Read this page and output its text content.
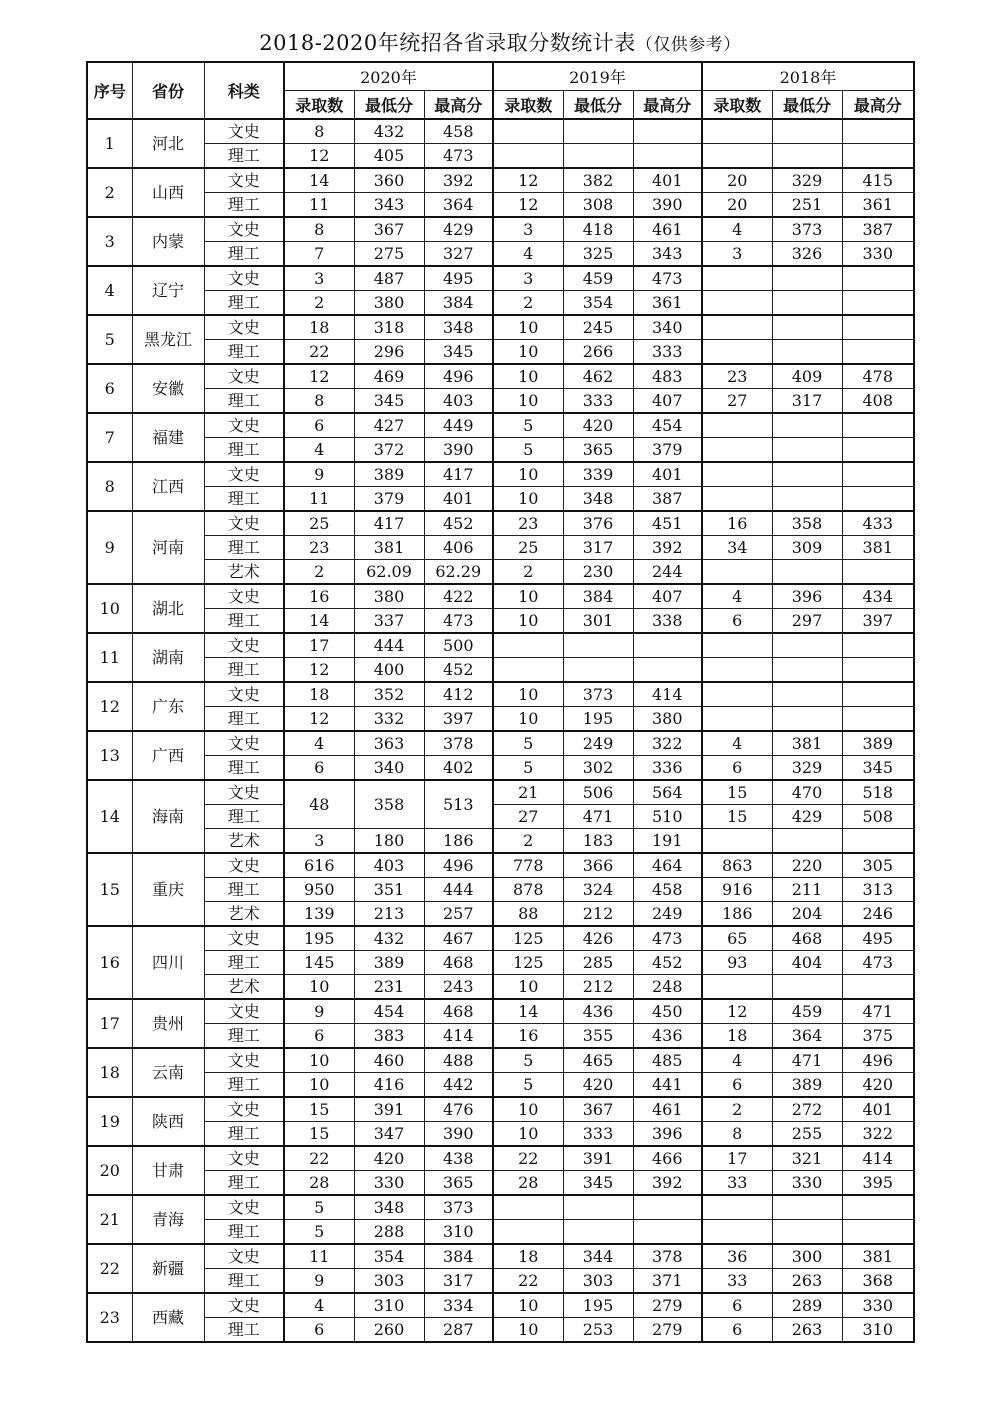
2018-2020年统招各省录取分数统计表（仅供参考）
序号	省份	科类	2020年			2019年			2018年		
			录取数	最低分	最高分	录取数	最低分	最高分	录取数	最低分	最高分
1	河北	文史	8	432	458						
		理工	12	405	473						
2	山西	文史	14	360	392	12	382	401	20	329	415
		理工	11	343	364	12	308	390	20	251	361
3	内蒙	文史	8	367	429	3	418	461	4	373	387
		理工	7	275	327	4	325	343	3	326	330
4	辽宁	文史	3	487	495	3	459	473			
		理工	2	380	384	2	354	361			
5	黑龙江	文史	18	318	348	10	245	340			
		理工	22	296	345	10	266	333			
6	安徽	文史	12	469	496	10	462	483	23	409	478
		理工	8	345	403	10	333	407	27	317	408
7	福建	文史	6	427	449	5	420	454			
		理工	4	372	390	5	365	379			
8	江西	文史	9	389	417	10	339	401			
		理工	11	379	401	10	348	387			
9	河南	文史	25	417	452	23	376	451	16	358	433
		理工	23	381	406	25	317	392	34	309	381
		艺术	2	62.09	62.29	2	230	244			
10	湖北	文史	16	380	422	10	384	407	4	396	434
		理工	14	337	473	10	301	338	6	297	397
11	湖南	文史	17	444	500						
		理工	12	400	452						
12	广东	文史	18	352	412	10	373	414			
		理工	12	332	397	10	195	380			
13	广西	文史	4	363	378	5	249	322	4	381	389
		理工	6	340	402	5	302	336	6	329	345
14	海南	文史	48	358	513	21	506	564	15	470	518
		理工				27	471	510	15	429	508
		艺术	3	180	186	2	183	191			
15	重庆	文史	616	403	496	778	366	464	863	220	305
		理工	950	351	444	878	324	458	916	211	313
		艺术	139	213	257	88	212	249	186	204	246
16	四川	文史	195	432	467	125	426	473	65	468	495
		理工	145	389	468	125	285	452	93	404	473
		艺术	10	231	243	10	212	248			
17	贵州	文史	9	454	468	14	436	450	12	459	471
		理工	6	383	414	16	355	436	18	364	375
18	云南	文史	10	460	488	5	465	485	4	471	496
		理工	10	416	442	5	420	441	6	389	420
19	陕西	文史	15	391	476	10	367	461	2	272	401
		理工	15	347	390	10	333	396	8	255	322
20	甘肃	文史	22	420	438	22	391	466	17	321	414
		理工	28	330	365	28	345	392	33	330	395
21	青海	文史	5	348	373						
		理工	5	288	310						
22	新疆	文史	11	354	384	18	344	378	36	300	381
		理工	9	303	317	22	303	371	33	263	368
23	西藏	文史	4	310	334	10	195	279	6	289	330
		理工	6	260	287	10	253	279	6	263	310
